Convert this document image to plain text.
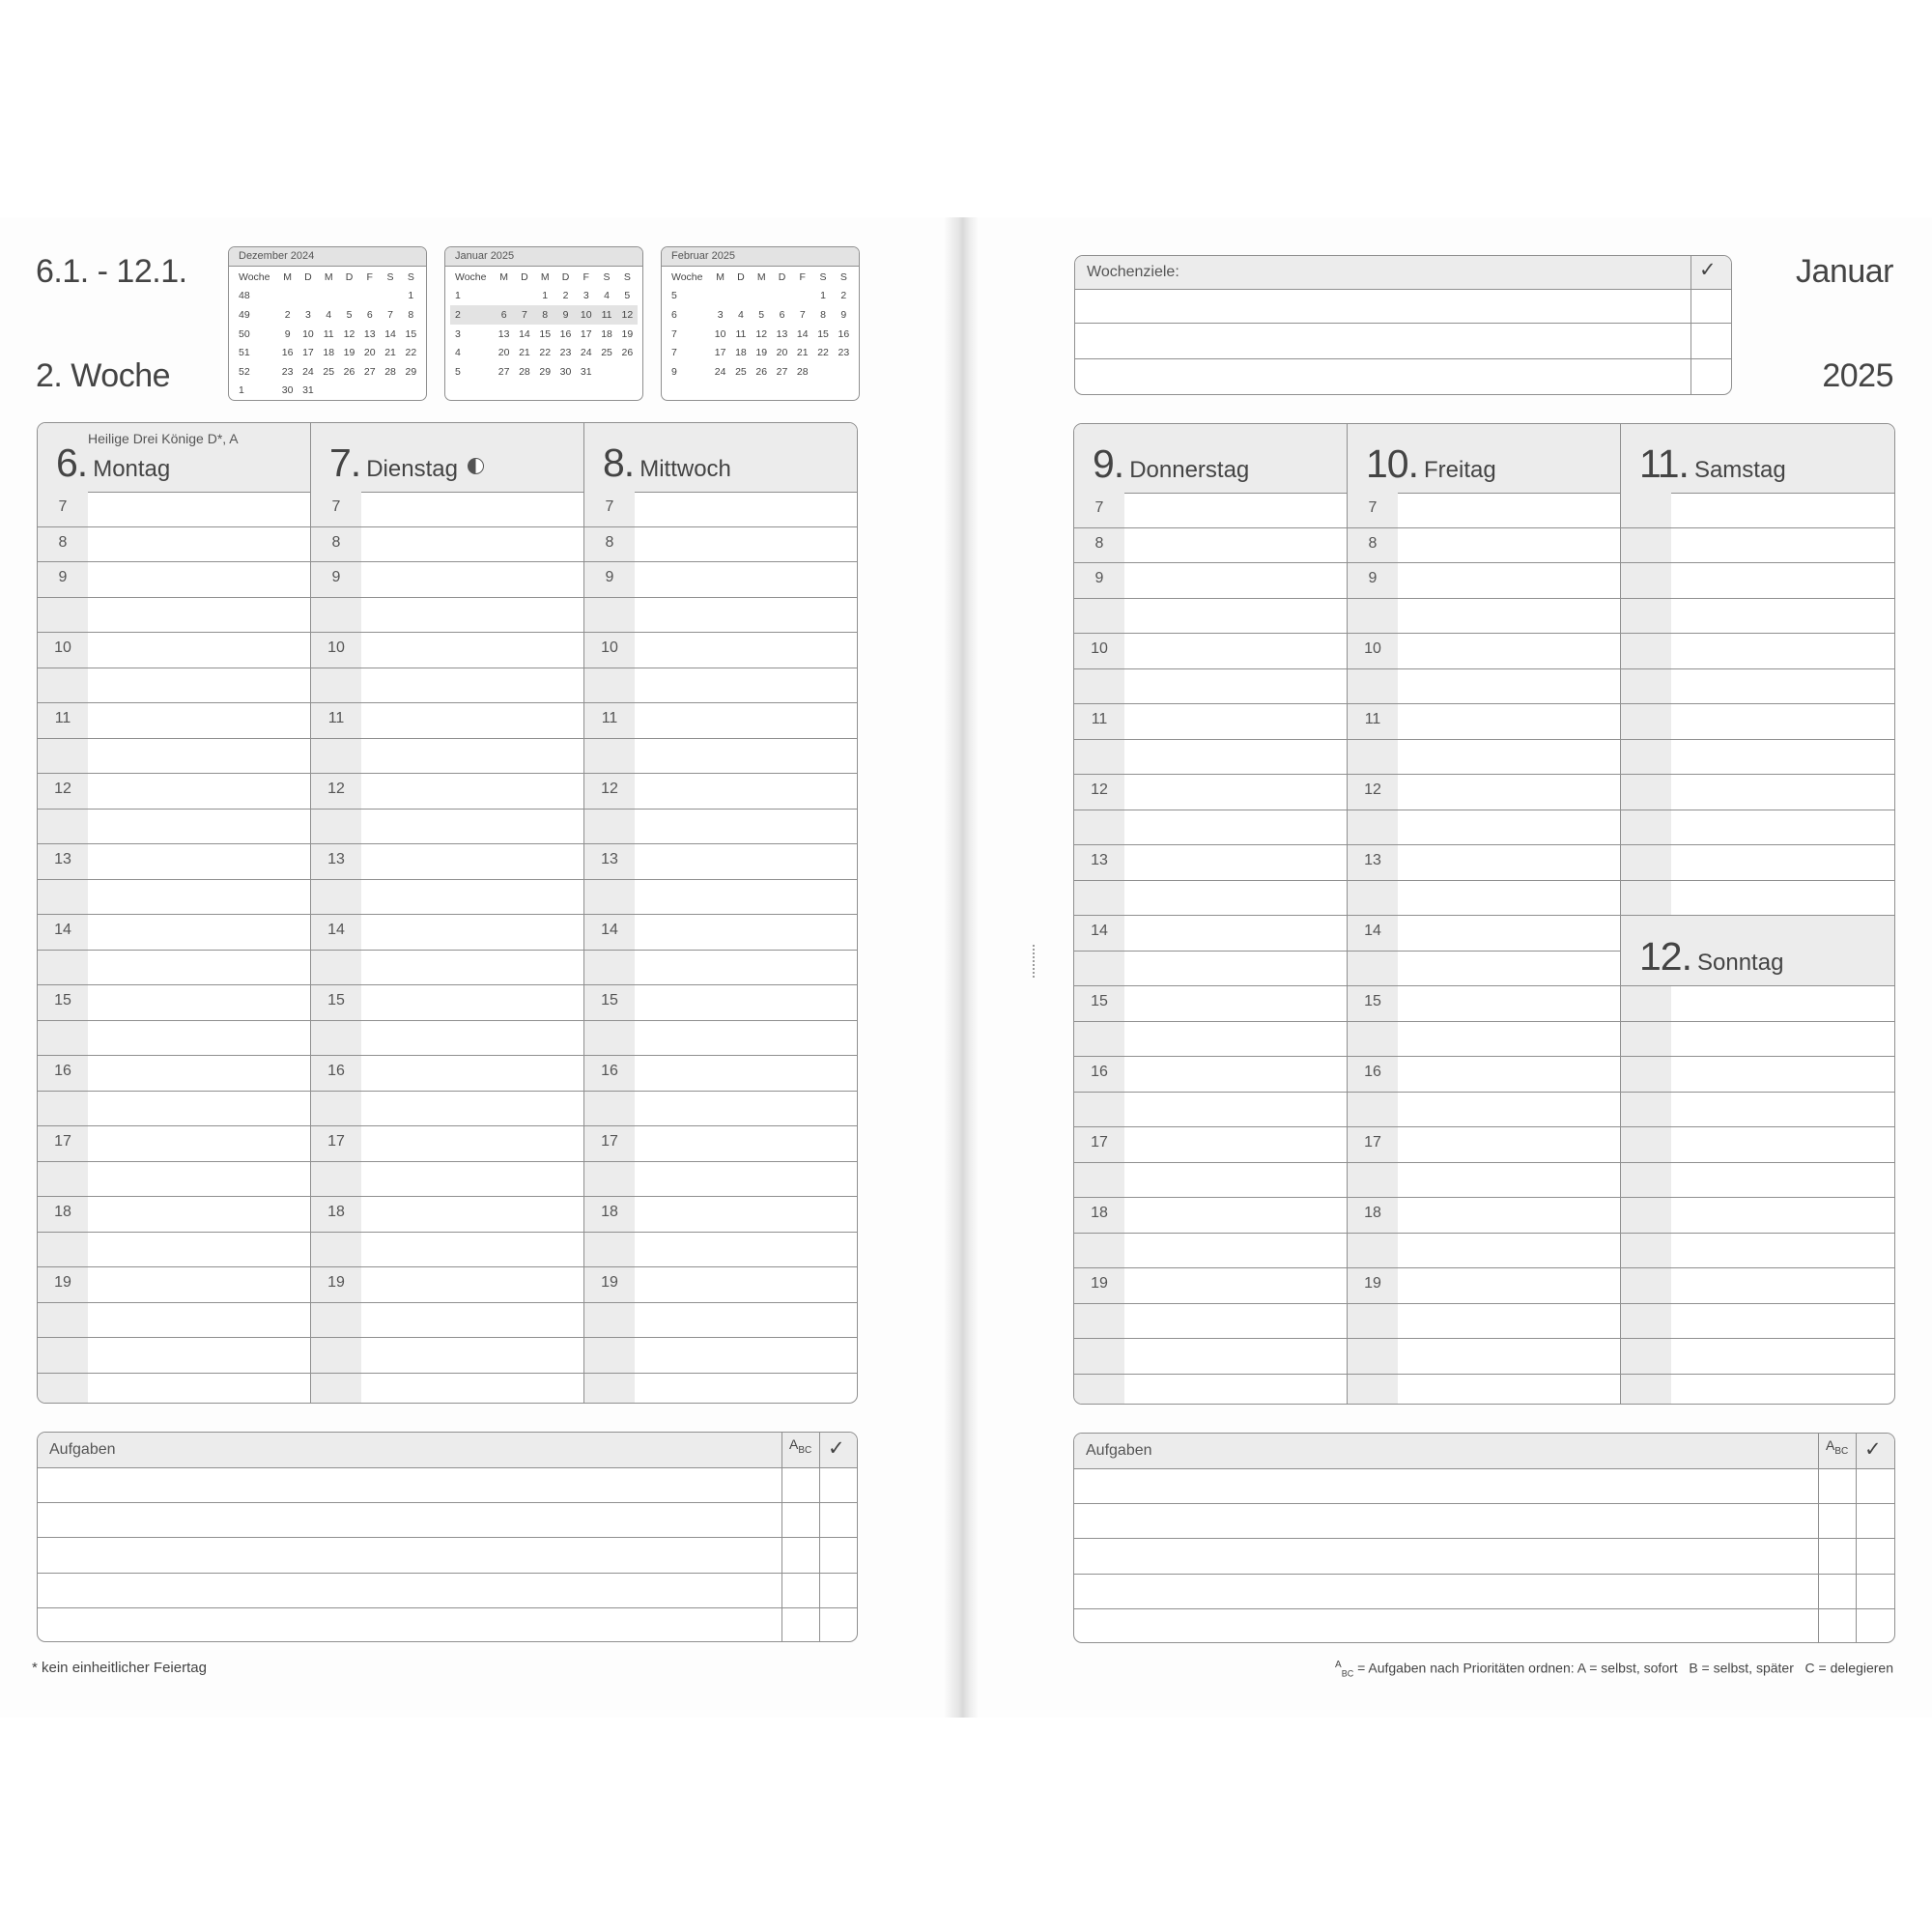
6.1. - 12.1.
2. Woche
Dezember 2024
Woche	M	D	M	D	F	S	S
48							1
49	2	3	4	5	6	7	8
50	9	10	11	12	13	14	15
51	16	17	18	19	20	21	22
52	23	24	25	26	27	28	29
1	30	31					
Januar 2025
Woche	M	D	M	D	F	S	S
1			1	2	3	4	5
2	6	7	8	9	10	11	12
3	13	14	15	16	17	18	19
4	20	21	22	23	24	25	26
5	27	28	29	30	31		
Februar 2025
Woche	M	D	M	D	F	S	S
5						1	2
6	3	4	5	6	7	8	9
7	10	11	12	13	14	15	16
7	17	18	19	20	21	22	23
9	24	25	26	27	28		
Heilige Drei Könige D*, A
6. Montag
7
8
9
10
11
12
13
14
15
16
17
18
19
7. Dienstag
7
8
9
10
11
12
13
14
15
16
17
18
19
8. Mittwoch
7
8
9
10
11
12
13
14
15
16
17
18
19
Aufgaben	$A_{BC}$ ✓
* kein einheitlicher Feiertag
Wochenziele:	✓ Januar
2025
9. Donnerstag
7
8
9
10
11
12
13
14
15
16
17
18
19
10. Freitag
7
8
9
10
11
12
13
14
15
16
17
18
19
11. Samstag
12. Sonntag
Aufgaben	$A_{BC}$ ✓
$^A_{BC}$ = Aufgaben nach Prioritäten ordnen: A = selbst, sofort   B = selbst, später   C = delegieren
